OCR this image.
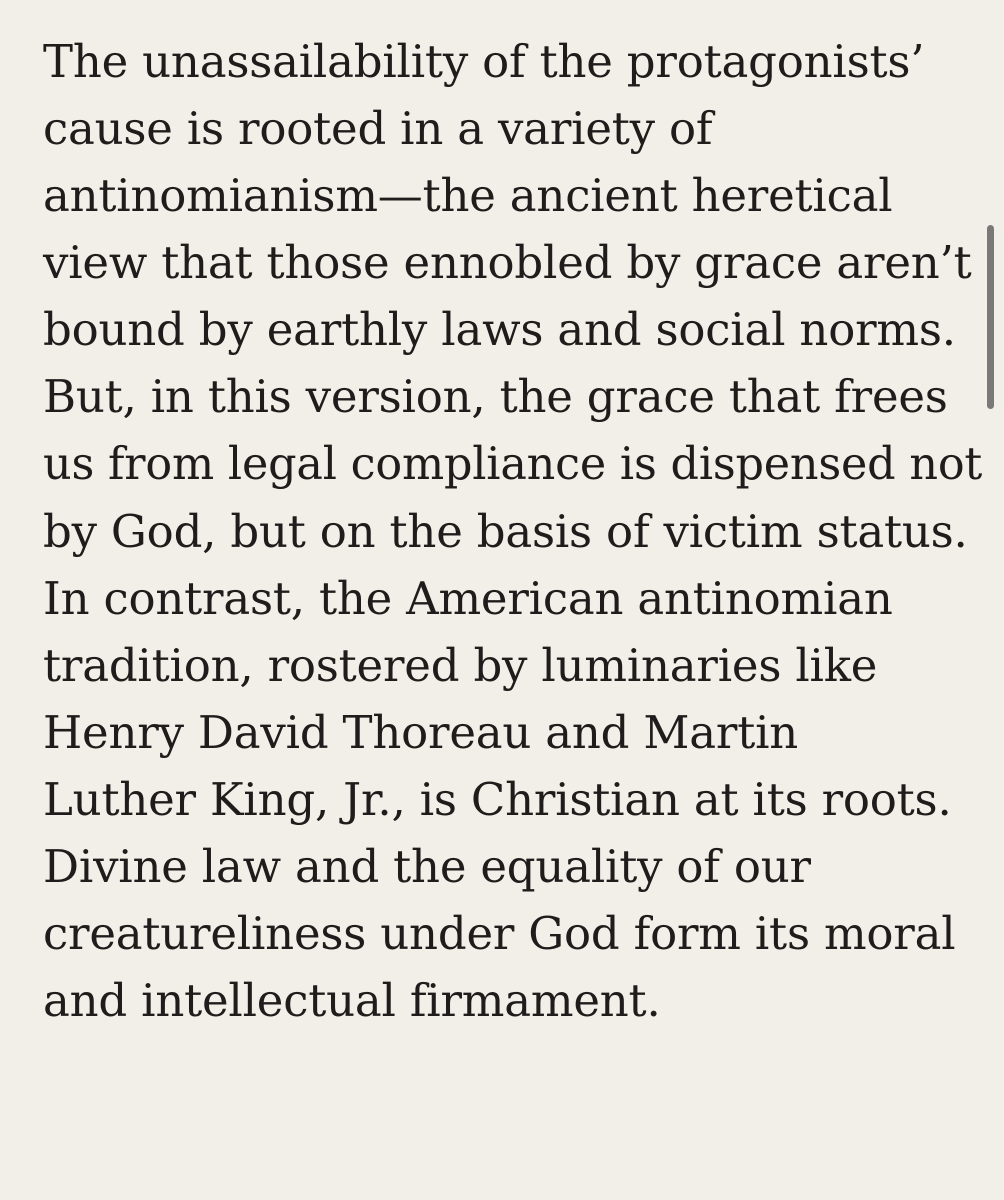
The unassailability of the protagonists’
cause is rooted in a variety of
antinomianism—the ancient heretical
view that those ennobled by grace aren’t
bound by earthly laws and social norms.
But, in this version, the grace that frees
us from legal compliance is dispensed not
by God, but on the basis of victim status.
In contrast, the American antinomian
tradition, rostered by luminaries like
Henry David Thoreau and Martin
Luther King, Jr., is Christian at its roots.
Divine law and the equality of our
creatureliness under God form its moral
and intellectual firmament.
